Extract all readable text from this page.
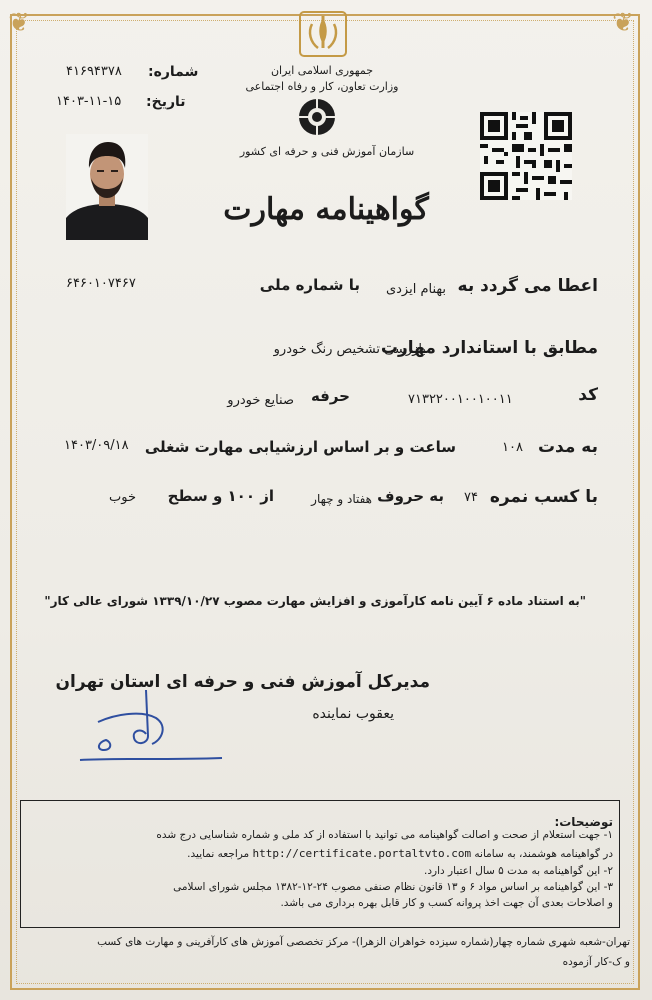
❦	❦
شماره:
۴۱۶۹۴۳۷۸
تاریخ:
۱۴۰۳-۱۱-۱۵
جمهوری اسلامی ایران
وزارت تعاون، کار و رفاه اجتماعی
سازمان آموزش فنی و حرفه ای کشور
گواهینامه مهارت
اعطا می گردد به
بهنام ایزدی
با شماره ملی
۶۴۶۰۱۰۷۴۶۷
مطابق با استاندارد مهارت
بازرسی تشخیص رنگ خودرو
کد
۷۱۳۲۲۰۰۱۰۰۱۰۰۱۱
حرفه
صنایع خودرو
به مدت
۱۰۸
ساعت و بر اساس ارزشیابی مهارت شغلی
۱۴۰۳/۰۹/۱۸
با کسب نمره
۷۴
به حروف
هفتاد و چهار
از ۱۰۰ و سطح
خوب
"به استناد ماده ۶ آیین نامه کارآموزی و افزایش مهارت مصوب ۱۳۳۹/۱۰/۲۷ شورای عالی کار"
مدیرکل آموزش فنی و حرفه ای استان تهران
یعقوب نماینده
توضیحات:
۱- جهت استعلام از صحت و اصالت گواهینامه می توانید با استفاده از کد ملی و شماره شناسایی درج شده
در گواهینامه هوشمند، به سامانه http://certificate.portaltvto.com مراجعه نمایید.
۲- این گواهینامه به مدت ۵ سال اعتبار دارد.
۳- این گواهینامه بر اساس مواد ۶ و ۱۳ قانون نظام صنفی مصوب ۲۴-۱۲-۱۳۸۲ مجلس شورای اسلامی
و اصلاحات بعدی آن جهت اخذ پروانه کسب و کار قابل بهره برداری می باشد.
تهران-شعبه شهری شماره چهار(شماره سیزده خواهران الزهرا)- مرکز تخصصی آموزش های کارآفرینی و مهارت های کسب
و ک-کار آزموده
